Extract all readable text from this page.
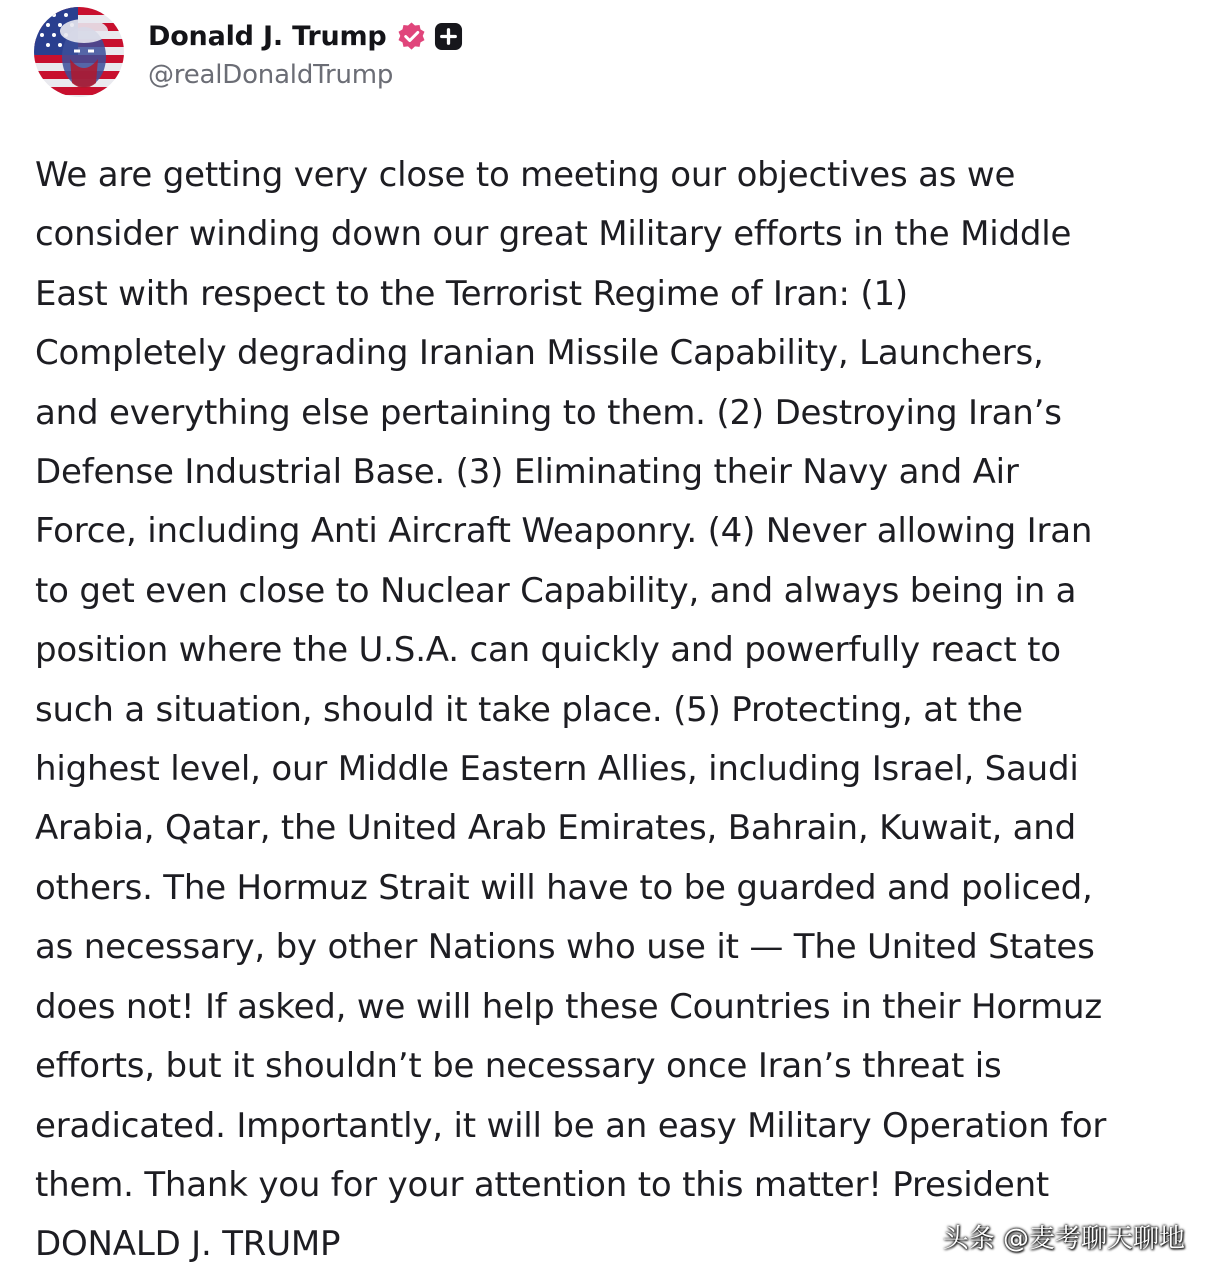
Donald J. Trump
@realDonaldTrump
We are getting very close to meeting our objectives as we
consider winding down our great Military efforts in the Middle
East with respect to the Terrorist Regime of Iran: (1)
Completely degrading Iranian Missile Capability, Launchers,
and everything else pertaining to them. (2) Destroying Iran’s
Defense Industrial Base. (3) Eliminating their Navy and Air
Force, including Anti Aircraft Weaponry. (4) Never allowing Iran
to get even close to Nuclear Capability, and always being in a
position where the U.S.A. can quickly and powerfully react to
such a situation, should it take place. (5) Protecting, at the
highest level, our Middle Eastern Allies, including Israel, Saudi
Arabia, Qatar, the United Arab Emirates, Bahrain, Kuwait, and
others. The Hormuz Strait will have to be guarded and policed,
as necessary, by other Nations who use it — The United States
does not! If asked, we will help these Countries in their Hormuz
efforts, but it shouldn’t be necessary once Iran’s threat is
eradicated. Importantly, it will be an easy Military Operation for
them. Thank you for your attention to this matter! President
DONALD J. TRUMP	头条 @麦考聊天聊地
